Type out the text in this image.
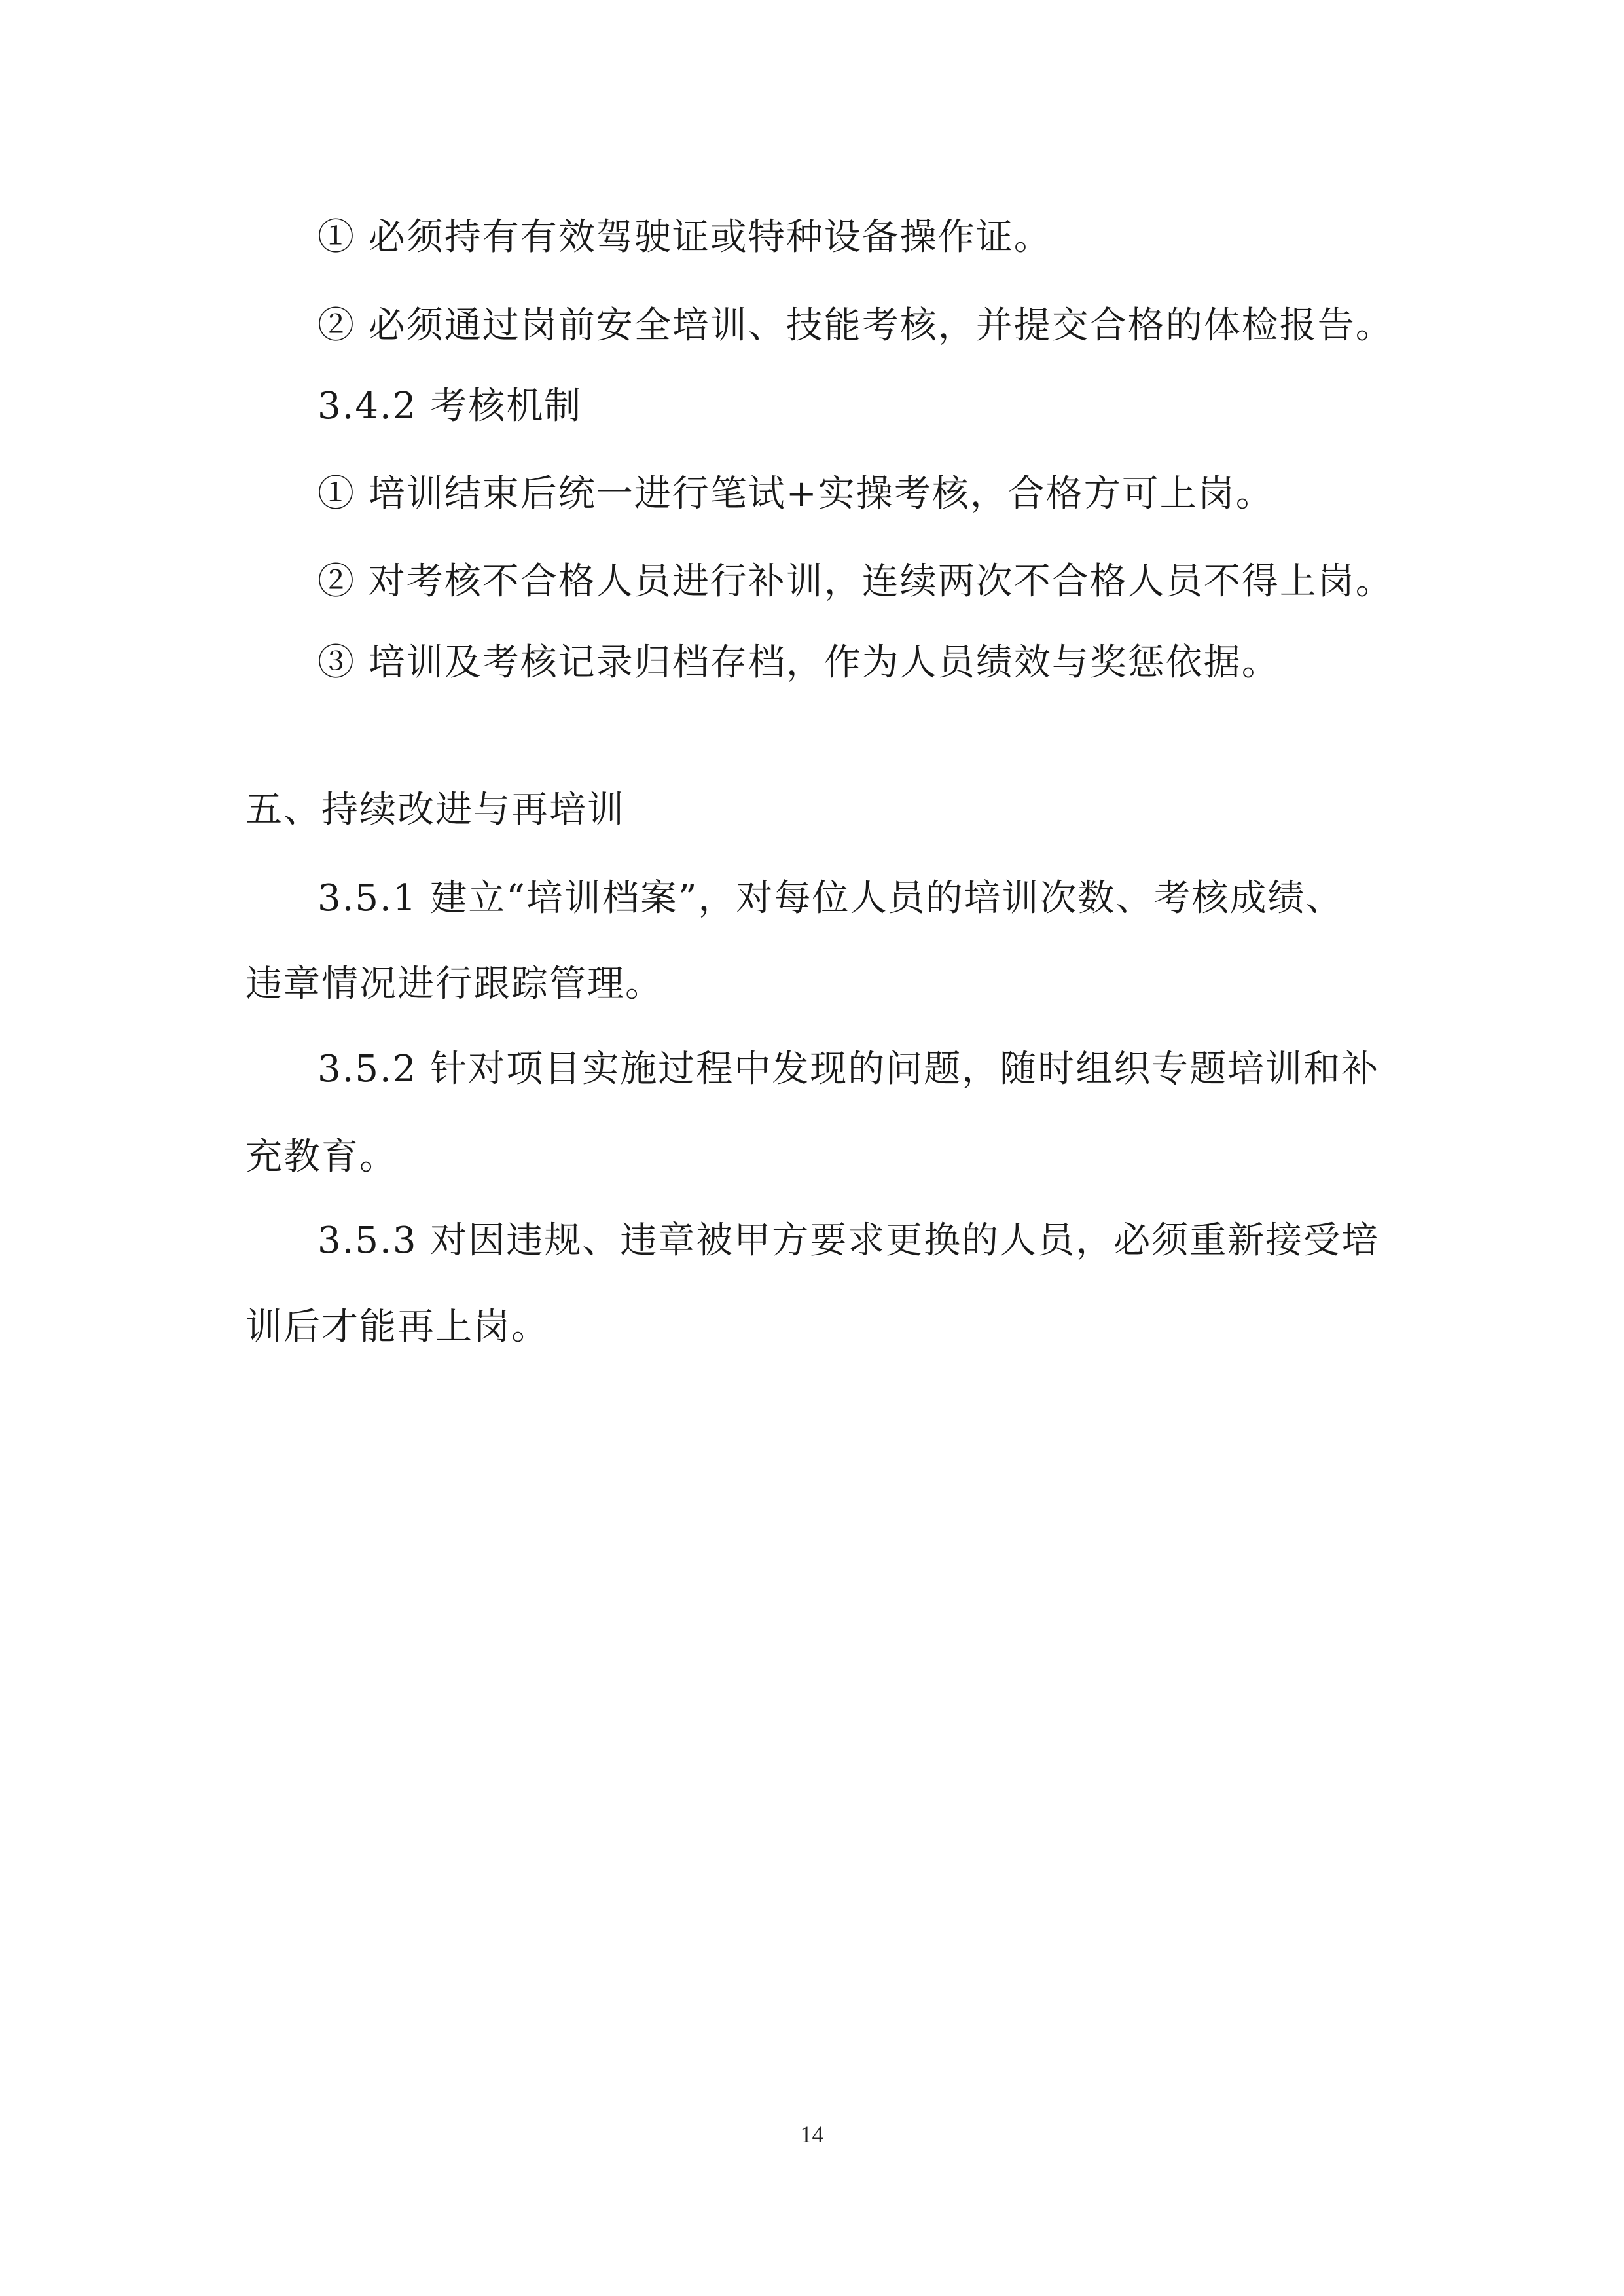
① 必须持有有效驾驶证或特种设备操作证。
② 必须通过岗前安全培训、技能考核，并提交合格的体检报告。
3.4.2 考核机制
① 培训结束后统一进行笔试+实操考核，合格方可上岗。
② 对考核不合格人员进行补训，连续两次不合格人员不得上岗。
③ 培训及考核记录归档存档，作为人员绩效与奖惩依据。
五、持续改进与再培训
3.5.1 建立“培训档案”，对每位人员的培训次数、考核成绩、
违章情况进行跟踪管理。
3.5.2 针对项目实施过程中发现的问题，随时组织专题培训和补
充教育。
3.5.3 对因违规、违章被甲方要求更换的人员，必须重新接受培
训后才能再上岗。
14
